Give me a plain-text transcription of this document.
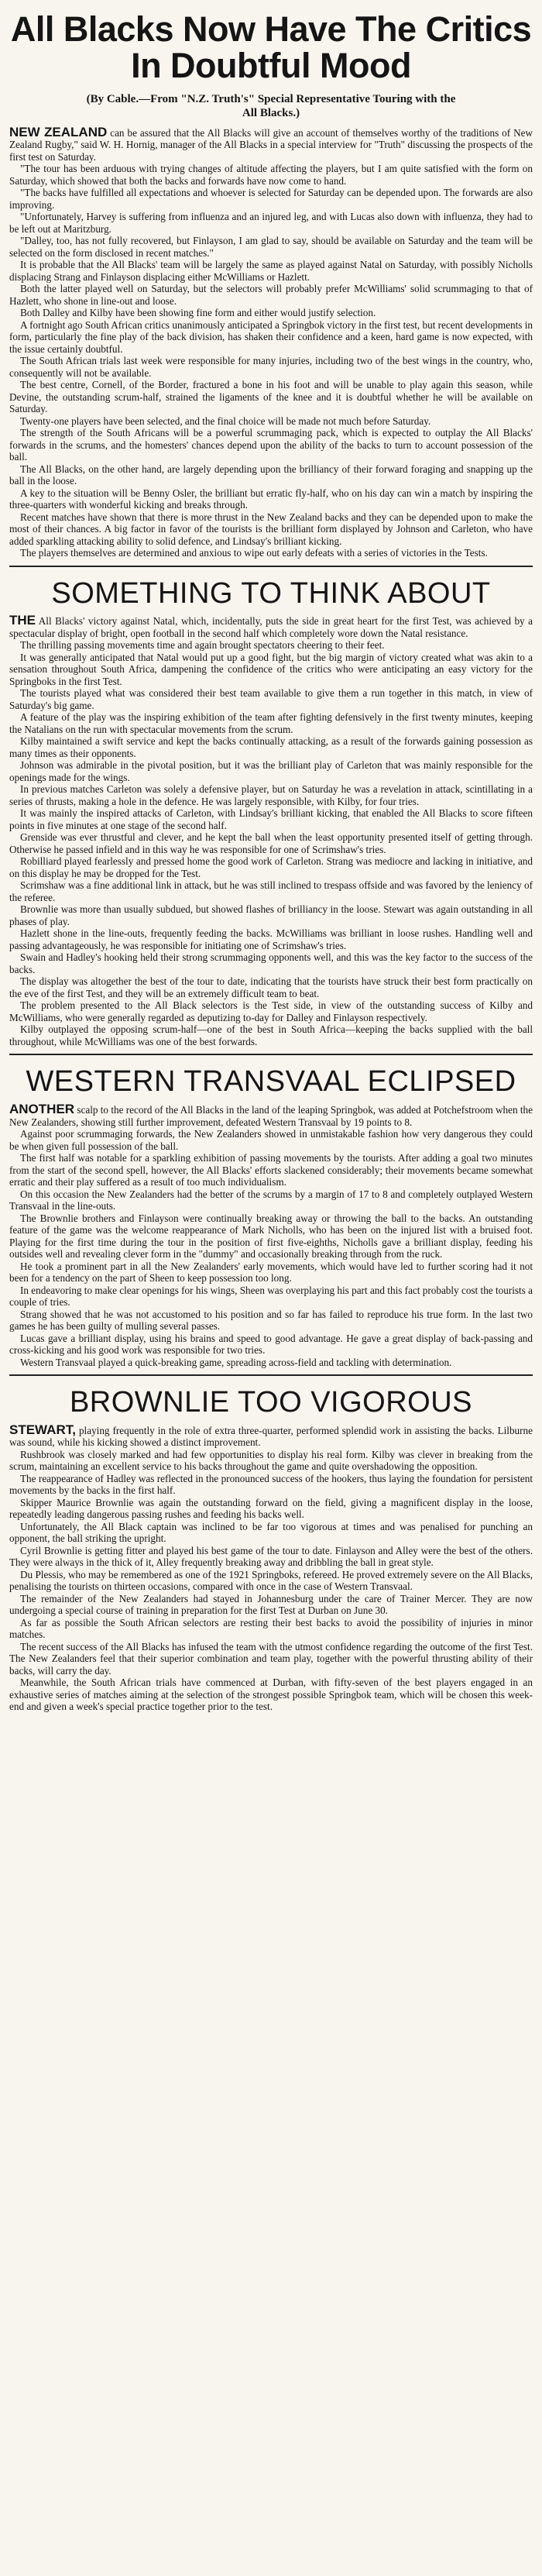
All Blacks Now Have The Critics
In Doubtful Mood
(By Cable.—From "N.Z. Truth's" Special Representative Touring with the
All Blacks.)

NEW ZEALAND can be assured that the All Blacks will give an account of themselves worthy of the traditions of New Zealand Rugby," said W. H. Hornig, manager of the All Blacks in a special interview for "Truth" discussing the prospects of the first test on Saturday.

"The tour has been arduous with trying changes of altitude affecting the players, but I am quite satisfied with the form on Saturday, which showed that both the backs and forwards have now come to hand.

"The backs have fulfilled all expectations and whoever is selected for Saturday can be depended upon. The forwards are also improving.

"Unfortunately, Harvey is suffering from influenza and an injured leg, and with Lucas also down with influenza, they had to be left out at Maritzburg.

"Dalley, too, has not fully recovered, but Finlayson, I am glad to say, should be available on Saturday and the team will be selected on the form disclosed in recent matches."

It is probable that the All Blacks' team will be largely the same as played against Natal on Saturday, with possibly Nicholls displacing Strang and Finlayson displacing either McWilliams or Hazlett.

Both the latter played well on Saturday, but the selectors will probably prefer McWilliams' solid scrummaging to that of Hazlett, who shone in line-out and loose.

Both Dalley and Kilby have been showing fine form and either would justify selection.

A fortnight ago South African critics unanimously anticipated a Springbok victory in the first test, but recent developments in form, particularly the fine play of the back division, has shaken their confidence and a keen, hard game is now expected, with the issue certainly doubtful.

The South African trials last week were responsible for many injuries, including two of the best wings in the country, who, consequently will not be available.

The best centre, Cornell, of the Border, fractured a bone in his foot and will be unable to play again this season, while Devine, the outstanding scrum-half, strained the ligaments of the knee and it is doubtful whether he will be available on Saturday.

Twenty-one players have been selected, and the final choice will be made not much before Saturday.

The strength of the South Africans will be a powerful scrummaging pack, which is expected to outplay the All Blacks' forwards in the scrums, and the homesters' chances depend upon the ability of the backs to turn to account possession of the ball.

The All Blacks, on the other hand, are largely depending upon the brilliancy of their forward foraging and snapping up the ball in the loose.

A key to the situation will be Benny Osler, the brilliant but erratic fly-half, who on his day can win a match by inspiring the three-quarters with wonderful kicking and breaks through.

Recent matches have shown that there is more thrust in the New Zealand backs and they can be depended upon to make the most of their chances. A big factor in favor of the tourists is the brilliant form displayed by Johnson and Carleton, who have added sparkling attacking ability to solid defence, and Lindsay's brilliant kicking.

The players themselves are determined and anxious to wipe out early defeats with a series of victories in the Tests.

SOMETHING TO THINK ABOUT

THE All Blacks' victory against Natal, which, incidentally, puts the side in great heart for the first Test, was achieved by a spectacular display of bright, open football in the second half which completely wore down the Natal resistance.

The thrilling passing movements time and again brought spectators cheering to their feet.

It was generally anticipated that Natal would put up a good fight, but the big margin of victory created what was akin to a sensation throughout South Africa, dampening the confidence of the critics who were anticipating an easy victory for the Springboks in the first Test.

The tourists played what was considered their best team available to give them a run together in this match, in view of Saturday's big game.

A feature of the play was the inspiring exhibition of the team after fighting defensively in the first twenty minutes, keeping the Natalians on the run with spectacular movements from the scrum.

Kilby maintained a swift service and kept the backs continually attacking, as a result of the forwards gaining possession as many times as their opponents.

Johnson was admirable in the pivotal position, but it was the brilliant play of Carleton that was mainly responsible for the openings made for the wings.

In previous matches Carleton was solely a defensive player, but on Saturday he was a revelation in attack, scintillating in a series of thrusts, making a hole in the defence. He was largely responsible, with Kilby, for four tries.

It was mainly the inspired attacks of Carleton, with Lindsay's brilliant kicking, that enabled the All Blacks to score fifteen points in five minutes at one stage of the second half.

Grenside was ever thrustful and clever, and he kept the ball when the least opportunity presented itself of getting through. Otherwise he passed infield and in this way he was responsible for one of Scrimshaw's tries.

Robilliard played fearlessly and pressed home the good work of Carleton. Strang was mediocre and lacking in initiative, and on this display he may be dropped for the Test.

Scrimshaw was a fine additional link in attack, but he was still inclined to trespass offside and was favored by the leniency of the referee.

Brownlie was more than usually subdued, but showed flashes of brilliancy in the loose. Stewart was again outstanding in all phases of play.

Hazlett shone in the line-outs, frequently feeding the backs. McWilliams was brilliant in loose rushes. Handling well and passing advantageously, he was responsible for initiating one of Scrimshaw's tries.

Swain and Hadley's hooking held their strong scrummaging opponents well, and this was the key factor to the success of the backs.

The display was altogether the best of the tour to date, indicating that the tourists have struck their best form practically on the eve of the first Test, and they will be an extremely difficult team to beat.

The problem presented to the All Black selectors is the Test side, in view of the outstanding success of Kilby and McWilliams, who were generally regarded as deputizing to-day for Dalley and Finlayson respectively.

Kilby outplayed the opposing scrum-half—one of the best in South Africa—keeping the backs supplied with the ball throughout, while McWilliams was one of the best forwards.

WESTERN TRANSVAAL ECLIPSED

ANOTHER scalp to the record of the All Blacks in the land of the leaping Springbok, was added at Potchefstroom when the New Zealanders, showing still further improvement, defeated Western Transvaal by 19 points to 8.

Against poor scrummaging forwards, the New Zealanders showed in unmistakable fashion how very dangerous they could be when given full possession of the ball.

The first half was notable for a sparkling exhibition of passing movements by the tourists. After adding a goal two minutes from the start of the second spell, however, the All Blacks' efforts slackened considerably; their movements became somewhat erratic and their play suffered as a result of too much individualism.

On this occasion the New Zealanders had the better of the scrums by a margin of 17 to 8 and completely outplayed Western Transvaal in the line-outs.

The Brownlie brothers and Finlayson were continually breaking away or throwing the ball to the backs. An outstanding feature of the game was the welcome reappearance of Mark Nicholls, who has been on the injured list with a bruised foot. Playing for the first time during the tour in the position of first five-eighths, Nicholls gave a brilliant display, feeding his outsides well and revealing clever form in the "dummy" and occasionally breaking through from the ruck.

He took a prominent part in all the New Zealanders' early movements, which would have led to further scoring had it not been for a tendency on the part of Sheen to keep possession too long.

In endeavoring to make clear openings for his wings, Sheen was overplaying his part and this fact probably cost the tourists a couple of tries.

Strang showed that he was not accustomed to his position and so far has failed to reproduce his true form. In the last two games he has been guilty of mulling several passes.

Lucas gave a brilliant display, using his brains and speed to good advantage. He gave a great display of back-passing and cross-kicking and his good work was responsible for two tries.

Western Transvaal played a quick-breaking game, spreading across-field and tackling with determination.

BROWNLIE TOO VIGOROUS

STEWART, playing frequently in the role of extra three-quarter, performed splendid work in assisting the backs. Lilburne was sound, while his kicking showed a distinct improvement.

Rushbrook was closely marked and had few opportunities to display his real form. Kilby was clever in breaking from the scrum, maintaining an excellent service to his backs throughout the game and quite overshadowing the opposition.

The reappearance of Hadley was reflected in the pronounced success of the hookers, thus laying the foundation for persistent movements by the backs in the first half.

Skipper Maurice Brownlie was again the outstanding forward on the field, giving a magnificent display in the loose, repeatedly leading dangerous passing rushes and feeding his backs well.

Unfortunately, the All Black captain was inclined to be far too vigorous at times and was penalised for punching an opponent, the ball striking the upright.

Cyril Brownlie is getting fitter and played his best game of the tour to date. Finlayson and Alley were the best of the others. They were always in the thick of it, Alley frequently breaking away and dribbling the ball in great style.

Du Plessis, who may be remembered as one of the 1921 Springboks, refereed. He proved extremely severe on the All Blacks, penalising the tourists on thirteen occasions, compared with once in the case of Western Transvaal.

The remainder of the New Zealanders had stayed in Johannesburg under the care of Trainer Mercer. They are now undergoing a special course of training in preparation for the first Test at Durban on June 30.

As far as possible the South African selectors are resting their best backs to avoid the possibility of injuries in minor matches.

The recent success of the All Blacks has infused the team with the utmost confidence regarding the outcome of the first Test. The New Zealanders feel that their superior combination and team play, together with the powerful thrusting ability of their backs, will carry the day.

Meanwhile, the South African trials have commenced at Durban, with fifty-seven of the best players engaged in an exhaustive series of matches aiming at the selection of the strongest possible Springbok team, which will be chosen this week-end and given a week's special practice together prior to the test.
